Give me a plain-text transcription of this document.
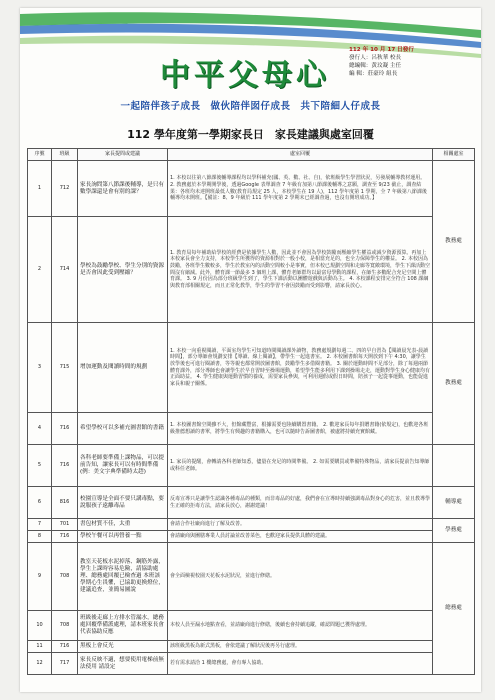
中平父母心
112 年 10 月 17 日發行
發行人：呂秋華 校長
總編輯：黃玟凝 主任
編 輯：莊豪玲 組長
一起陪伴孩子成長　做伙陪伴囡仔成長　共下陪細人仔成長
112 學年度第一學期家長日　家長建議與處室回覆
序號	班級	家長提問或建議	處室回覆	相關處室
1	712	家長詢問第八節課後輔導，是只有數學課還是會有別的課？	1. 本校以往第八節課後輔導課程均以學科補充(國、英、數、社、自)，依班級學生學習狀況，另發展輔導教材運用。 2. 教務處於本學期開學後，透過Google 表單調查 7 年級有加第八節課後輔導之意願，調查至 9/23 截止，調查結果：各班均未達開班最低人數(教育局規定 25 人，本校學生在 19 人)，112 學年度第 1 學期，全 7 年級第八節課後輔導均未開班。【備註：8、9 年級於 111 學年度第 2 學期末已經調查過，也沒有開班成功。】	教務處
2	714	學校為鼓勵學校、學生分別的資源是否會因此受到壓縮？	1. 教育局每年補助給學校的經費是依據學生人數，因此並不會因為學校鼓勵而壓縮學生權益或減少資源預算。再加上本校家長會全力支持，本校學生所獲得的資源相對於一般小校，是相當充足的，也全力保障學生的權益。 2. 本校因為鼓勵，各班學生數較多，學生於教室內的活動空間較小是事實，但本校已規劃空間和走廊等寬敞環境，學生下課活動空間沒有縮減。此外，體育課一節最多 3 個班上課，體育老師群均以最富母學動的課程，在師生多數配合充足空間上體育課。 3. 9 月份因為部分班級學生到了，學生下課活動以團體遊戲與活動為主。 4. 本校課程安排完全符合 108 課綱與教育部相關規定，而且正常化教學，學生的學習不會因鼓勵而受到影響，請家長放心。	
3	715	增加運動及閱讀時間的規劃	1. 本校一向重視閱讀，平面室均學生可知道時間閱讀課外讀物，教務處規劃每週二、四的早自習為【閱讀晨光表-晨讀時間】，部分導師會規劃安排【導讀、線上閱讀】，帶學生一起進書室。 2. 本校圖書館每天開放到下午 4:30，讓學生放學後也可進行閱讀書，等等親也都常開放圖書館，鼓勵學生多借閱書籍。 3. 關於運動時間不足部分，除了每週兩節體育課外，部分導師也會讓學生於早自習時至操場運動，希望學生能多利用下課到操場走走，運動對學生身心健康均有正面助益。 4. 學生健康與運動習慣的養成，需要家長參與，可利用週假或假日時間，陪孩子一起從事運動，也能促進家長和親子關係。	教務處
4	716	希望學校可以多補充圖書館的書籍	1. 本校圖書館空間雖不大，但館藏豐富，根據需要也陸續購置書籍。 2. 歡迎家長每年捐贈書籍(依規定)，也歡迎各班級推薦想讀的書單，將學生有興趣的書籍購入，也可以隨時告訴圖書館，被處將持續充實館藏。	
5	716	各科老師要準備上課物品，可以提前告知，讓家長可以有時間準備(例：美文字典準備時太趕)	1. 家長的提醒，會轉請各科老師知悉，儘量在充足的時間準備。 2. 如需要購買或準備特殊物品，請家長提前告知導師或科任老師。	
6	816	校園宣導是全面不要只講毒點，要說服孩子遠離毒品	反毒宣導只是讓學生認識各種毒品的種類，而非毒品的好處，我們會在宣導時持續強調毒品對身心的危害，並且教導學生正確的拒毒方法，請家長放心，謝謝建議！	輔導處
7	701	書包材質不佳，太重	會請合作社廠商進行了解及改善。	學務處
8	716	學校午餐可以再營養一點	會請廠商與團膳專業人員討論並改善菜色，也歡迎家長提供具體的建議。	
9	708	教室天花板水泥掉落、鋼筋外露，學生上課時容易危險，請協助處理、總務處回覆已檢查過 本班該學期心生畏懼，已協助更換燈位，建議追查，並簡易圖說	會全面檢視校園天花板水泥狀況，並進行修繕。	總務處
10	708	班級後走廊上方排水管漏水，總務處回覆準備派處理，請本班家長會代表協助反應	本校人員至漏水地點查看，並請廠商進行修繕，後續也會持續追蹤，確認問題已獲得處理。	
11	716	黑板上會反光	該班級黑板為新式黑板，會依建議了解狀況後再另行處理。	
12	717	家長反映不適，想要使用電梯前無法使用 請設定	若有需求請洽 1 樓總務處，會有專人協助。	
